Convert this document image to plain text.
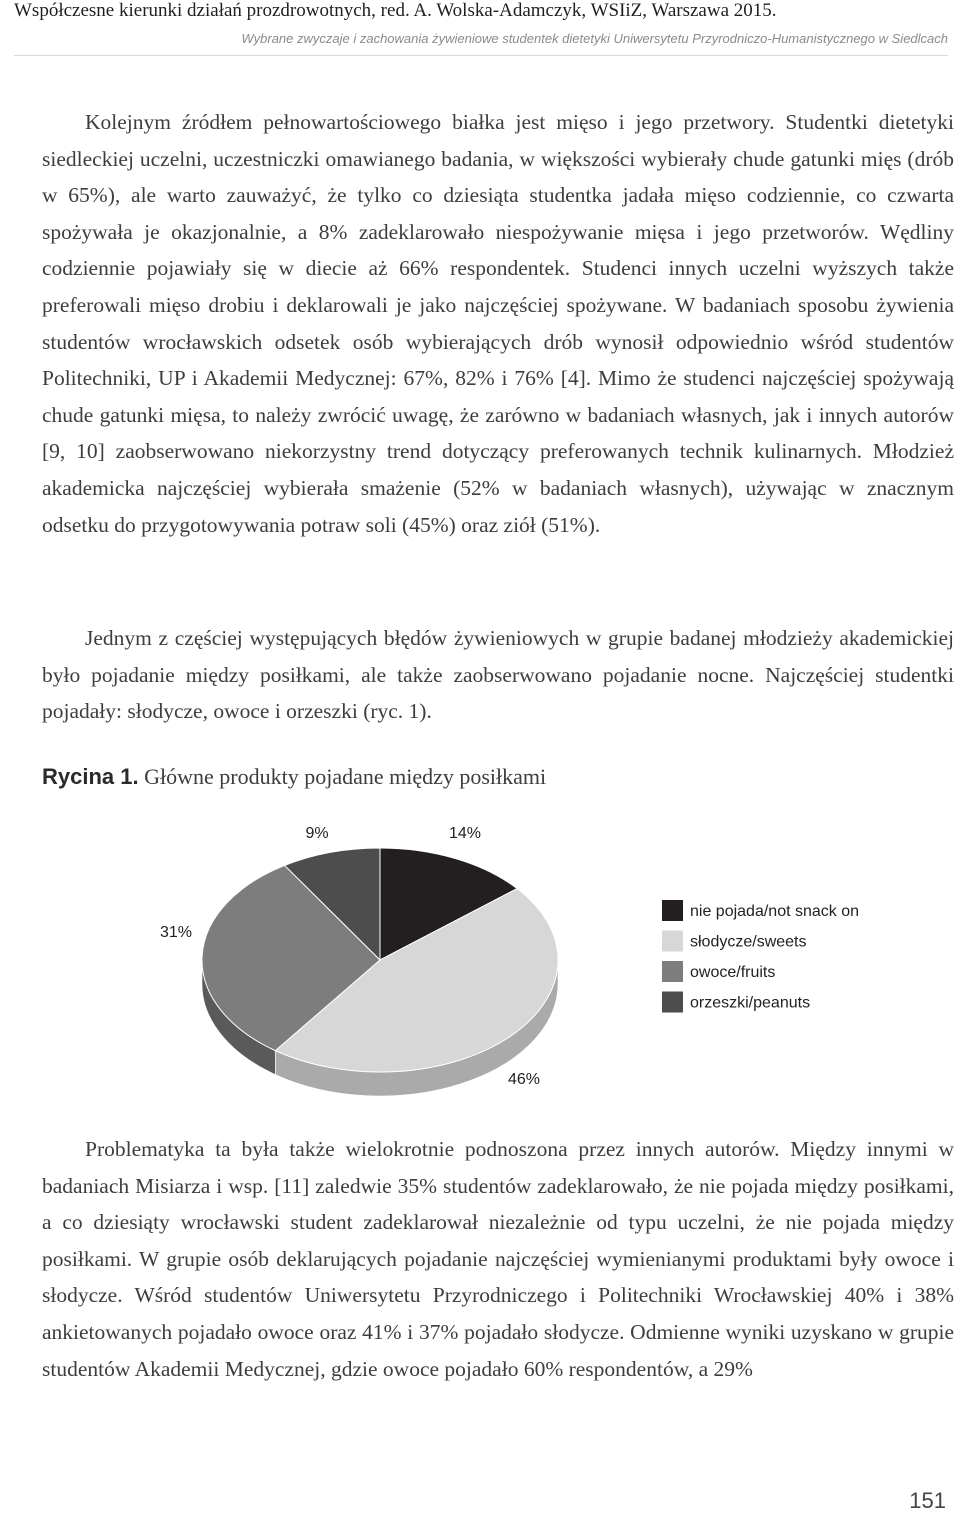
Współczesne kierunki działań prozdrowotnych, red. A. Wolska-Adamczyk, WSIiZ, Warszawa 2015.
Wybrane zwyczaje i zachowania żywieniowe studentek dietetyki Uniwersytetu Przyrodniczo-Humanistycznego w Siedlcach

Kolejnym źródłem pełnowartościowego białka jest mięso i jego przetwory. Studentki dietetyki siedleckiej uczelni, uczestniczki omawianego badania, w większości wybierały chude gatunki mięs (drób w 65%), ale warto zauważyć, że tylko co dziesiąta studentka jadała mięso codziennie, co czwarta spożywała je okazjonalnie, a 8% zadeklarowało niespożywanie mięsa i jego przetworów. Wędliny codziennie pojawiały się w diecie aż 66% respondentek. Studenci innych uczelni wyższych także preferowali mięso drobiu i deklarowali je jako najczęściej spożywane. W badaniach sposobu żywienia studentów wrocławskich odsetek osób wybierających drób wynosił odpowiednio wśród studentów Politechniki, UP i Akademii Medycznej: 67%, 82% i 76% [4]. Mimo że studenci najczęściej spożywają chude gatunki mięsa, to należy zwrócić uwagę, że zarówno w badaniach własnych, jak i innych autorów [9, 10] zaobserwowano niekorzystny trend dotyczący preferowanych technik kulinarnych. Młodzież akademicka najczęściej wybierała smażenie (52% w badaniach własnych), używając w znacznym odsetku do przygotowywania potraw soli (45%) oraz ziół (51%).

Jednym z częściej występujących błędów żywieniowych w grupie badanej młodzieży akademickiej było pojadanie między posiłkami, ale także zaobserwowano pojadanie nocne. Najczęściej studentki pojadały: słodycze, owoce i orzeszki (ryc. 1).

Rycina 1. Główne produkty pojadane między posiłkami
14%
46%
31%
9%
nie pojada/not snack on
słodycze/sweets
owoce/fruits
orzeszki/peanuts

Problematyka ta była także wielokrotnie podnoszona przez innych autorów. Między innymi w badaniach Misiarza i wsp. [11] zaledwie 35% studentów zadeklarowało, że nie pojada między posiłkami, a co dziesiąty wrocławski student zadeklarował niezależnie od typu uczelni, że nie pojada między posiłkami. W grupie osób deklarujących pojadanie najczęściej wymienianymi produktami były owoce i słodycze. Wśród studentów Uniwersytetu Przyrodniczego i Politechniki Wrocławskiej 40% i 38% ankietowanych pojadało owoce oraz 41% i 37% pojadało słodycze. Odmienne wyniki uzyskano w grupie studentów Akademii Medycznej, gdzie owoce pojadało 60% respondentów, a 29%

151
